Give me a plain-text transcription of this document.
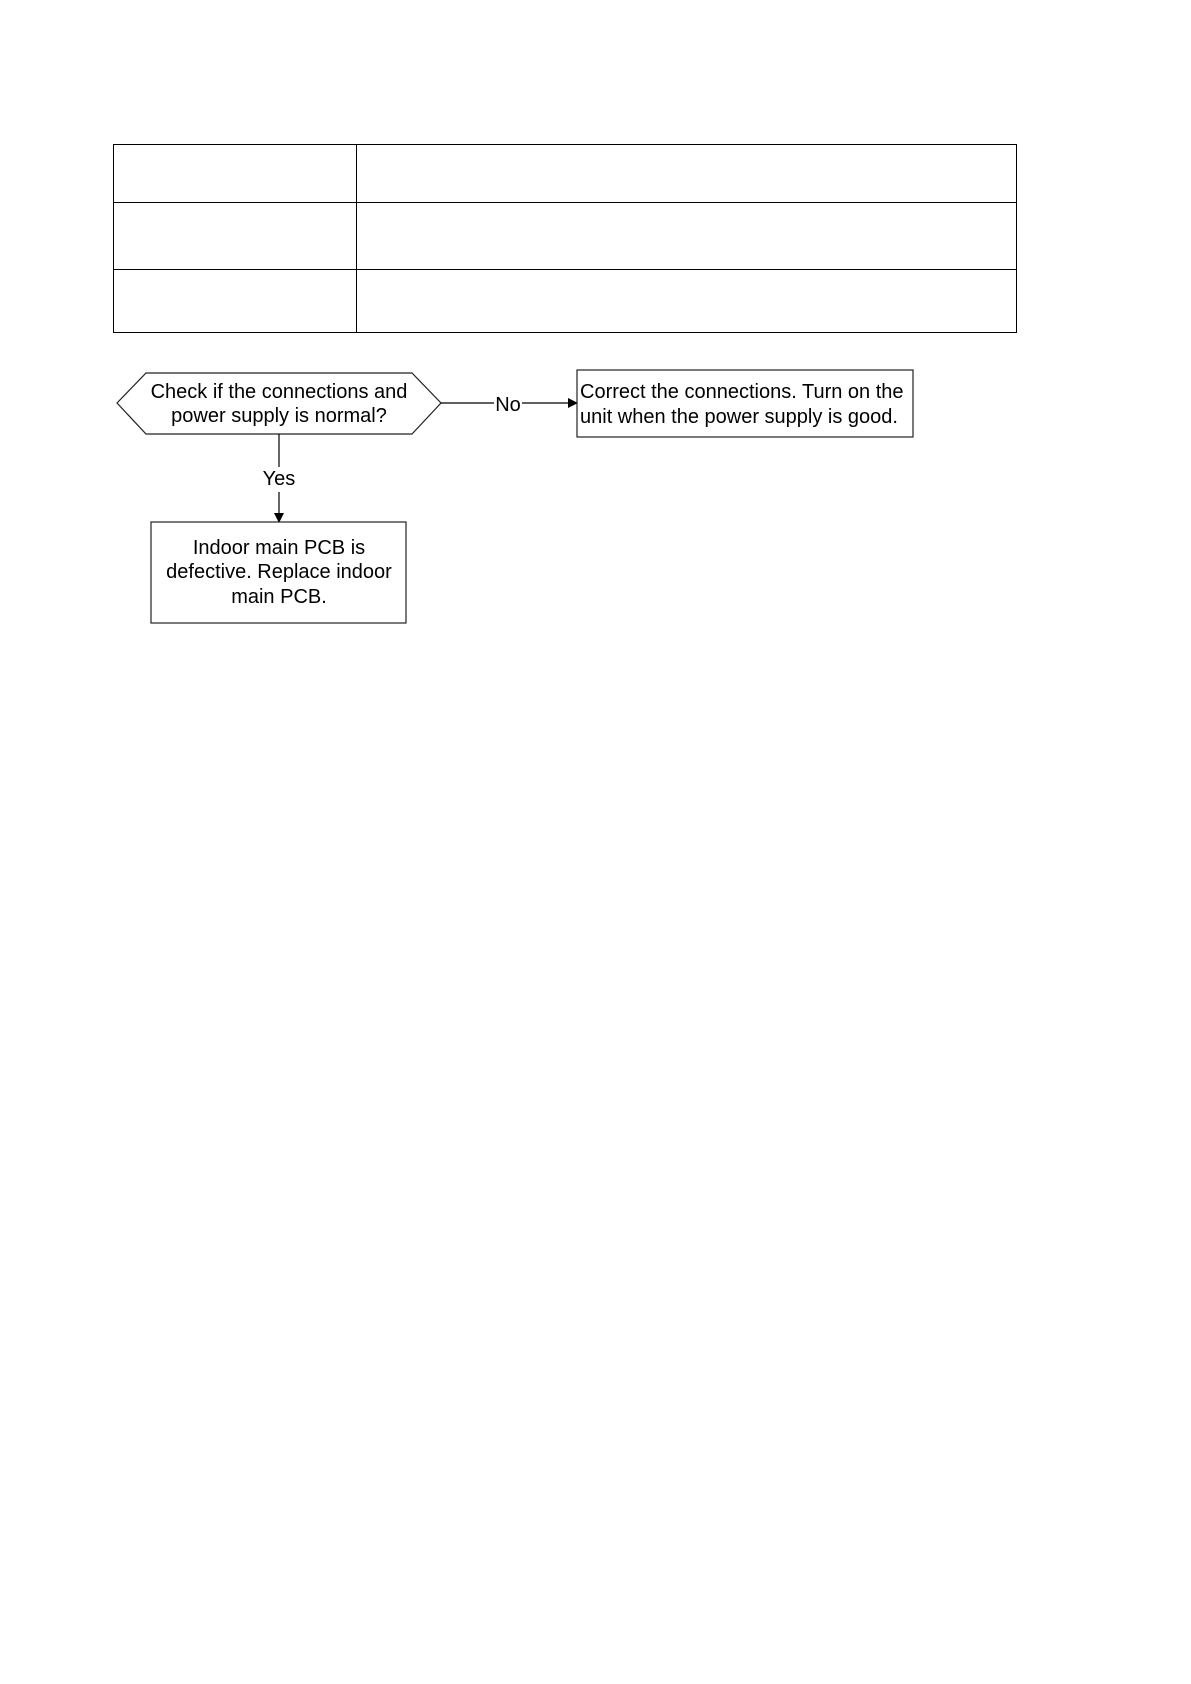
Check if the connections and
power supply is normal?	No
Correct the connections. Turn on the
unit when the power supply is good.
Yes
Indoor main PCB is
defective. Replace indoor
main PCB.
